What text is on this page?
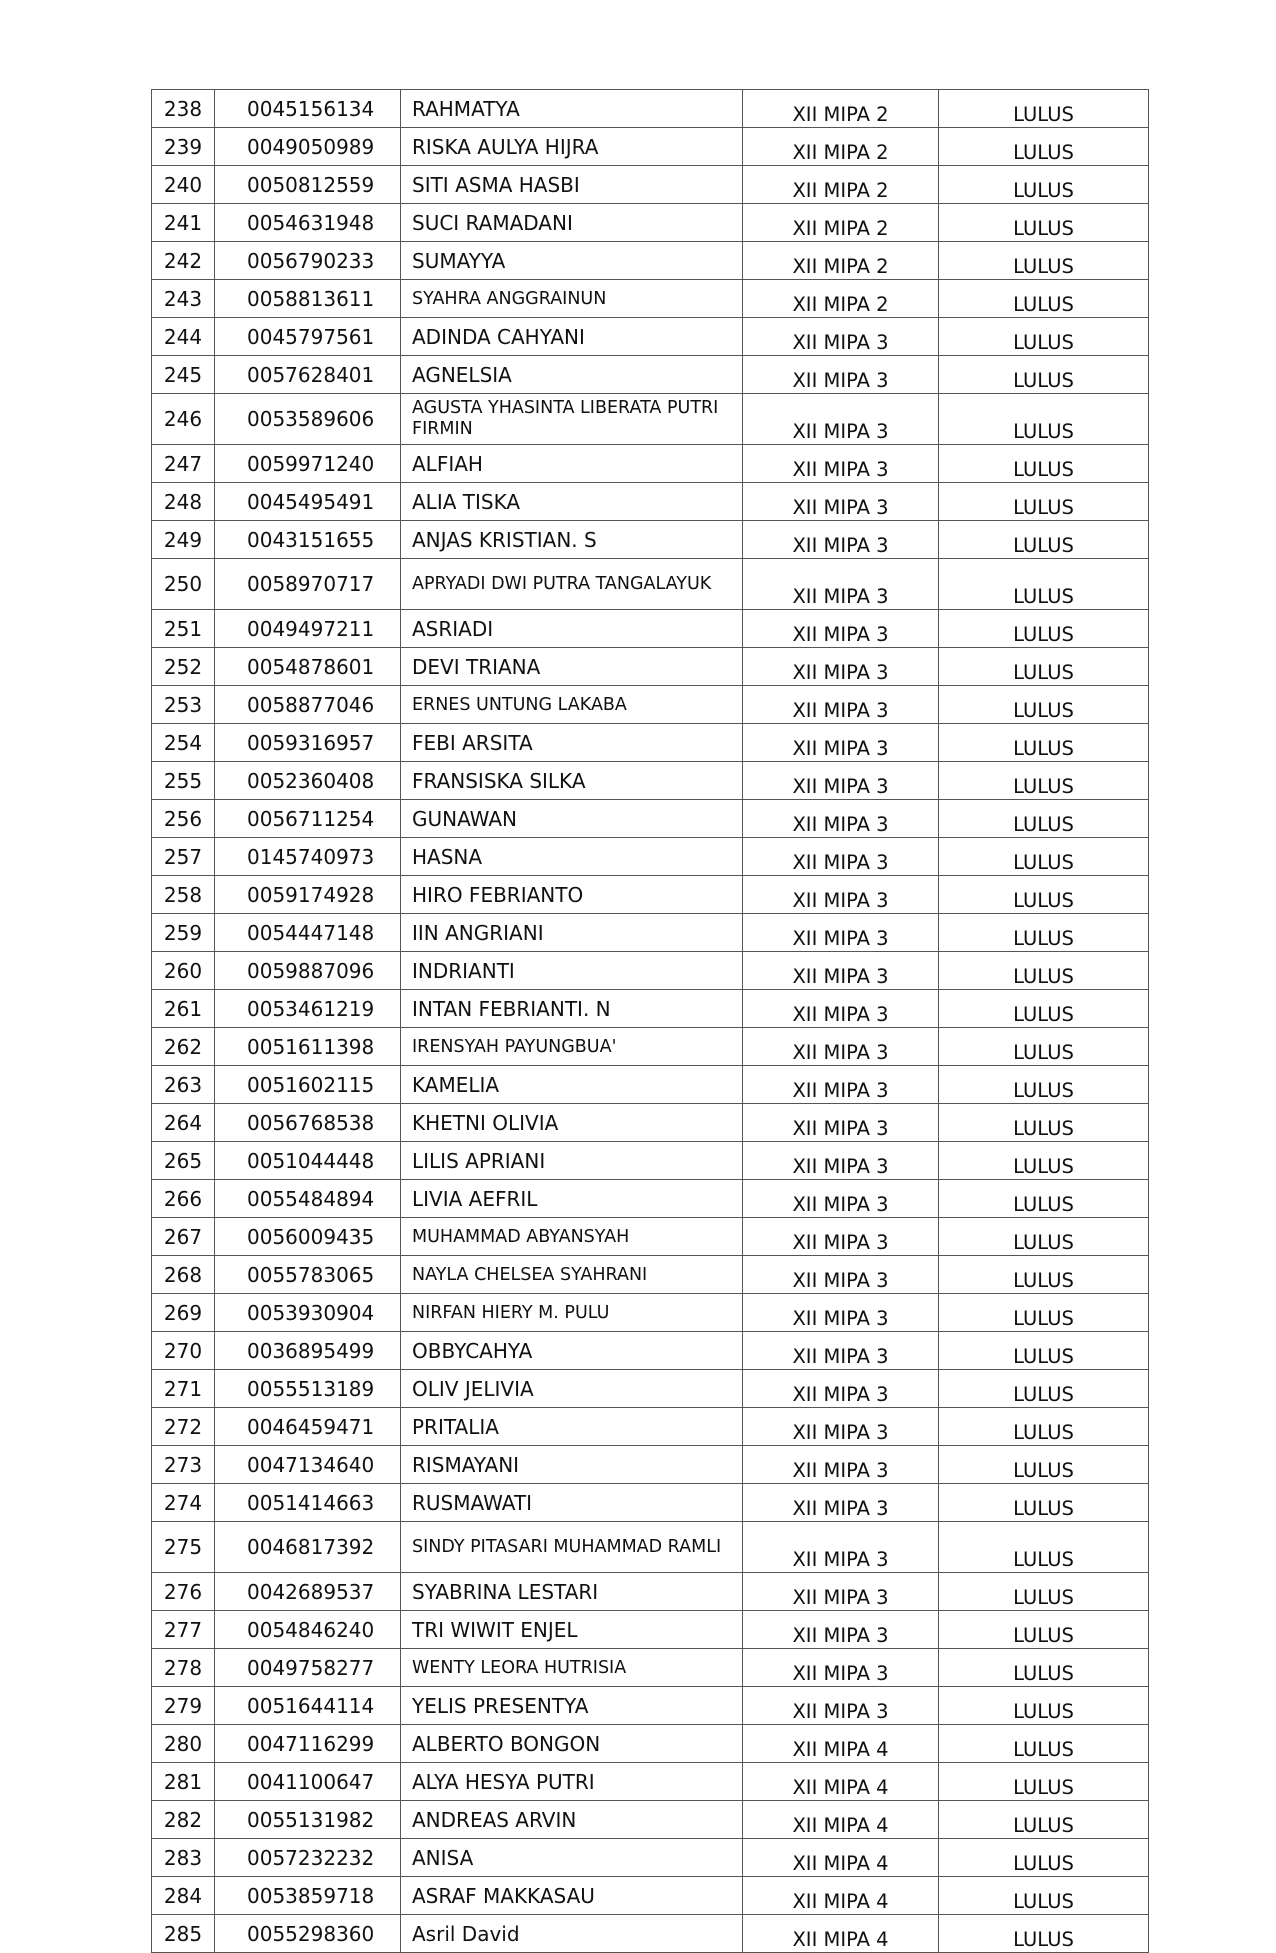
238	0045156134	RAHMATYA	XII MIPA 2	LULUS
239	0049050989	RISKA AULYA HIJRA	XII MIPA 2	LULUS
240	0050812559	SITI ASMA HASBI	XII MIPA 2	LULUS
241	0054631948	SUCI RAMADANI	XII MIPA 2	LULUS
242	0056790233	SUMAYYA	XII MIPA 2	LULUS
243	0058813611	SYAHRA ANGGRAINUN	XII MIPA 2	LULUS
244	0045797561	ADINDA CAHYANI	XII MIPA 3	LULUS
245	0057628401	AGNELSIA	XII MIPA 3	LULUS
246	0053589606	AGUSTA YHASINTA LIBERATA PUTRI FIRMIN	XII MIPA 3	LULUS
247	0059971240	ALFIAH	XII MIPA 3	LULUS
248	0045495491	ALIA TISKA	XII MIPA 3	LULUS
249	0043151655	ANJAS KRISTIAN. S	XII MIPA 3	LULUS
250	0058970717	APRYADI DWI PUTRA TANGALAYUK	XII MIPA 3	LULUS
251	0049497211	ASRIADI	XII MIPA 3	LULUS
252	0054878601	DEVI TRIANA	XII MIPA 3	LULUS
253	0058877046	ERNES UNTUNG LAKABA	XII MIPA 3	LULUS
254	0059316957	FEBI ARSITA	XII MIPA 3	LULUS
255	0052360408	FRANSISKA SILKA	XII MIPA 3	LULUS
256	0056711254	GUNAWAN	XII MIPA 3	LULUS
257	0145740973	HASNA	XII MIPA 3	LULUS
258	0059174928	HIRO FEBRIANTO	XII MIPA 3	LULUS
259	0054447148	IIN ANGRIANI	XII MIPA 3	LULUS
260	0059887096	INDRIANTI	XII MIPA 3	LULUS
261	0053461219	INTAN FEBRIANTI. N	XII MIPA 3	LULUS
262	0051611398	IRENSYAH PAYUNGBUA'	XII MIPA 3	LULUS
263	0051602115	KAMELIA	XII MIPA 3	LULUS
264	0056768538	KHETNI OLIVIA	XII MIPA 3	LULUS
265	0051044448	LILIS APRIANI	XII MIPA 3	LULUS
266	0055484894	LIVIA AEFRIL	XII MIPA 3	LULUS
267	0056009435	MUHAMMAD ABYANSYAH	XII MIPA 3	LULUS
268	0055783065	NAYLA CHELSEA SYAHRANI	XII MIPA 3	LULUS
269	0053930904	NIRFAN HIERY M. PULU	XII MIPA 3	LULUS
270	0036895499	OBBYCAHYA	XII MIPA 3	LULUS
271	0055513189	OLIV JELIVIA	XII MIPA 3	LULUS
272	0046459471	PRITALIA	XII MIPA 3	LULUS
273	0047134640	RISMAYANI	XII MIPA 3	LULUS
274	0051414663	RUSMAWATI	XII MIPA 3	LULUS
275	0046817392	SINDY PITASARI MUHAMMAD RAMLI	XII MIPA 3	LULUS
276	0042689537	SYABRINA LESTARI	XII MIPA 3	LULUS
277	0054846240	TRI WIWIT ENJEL	XII MIPA 3	LULUS
278	0049758277	WENTY LEORA HUTRISIA	XII MIPA 3	LULUS
279	0051644114	YELIS PRESENTYA	XII MIPA 3	LULUS
280	0047116299	ALBERTO BONGON	XII MIPA 4	LULUS
281	0041100647	ALYA HESYA PUTRI	XII MIPA 4	LULUS
282	0055131982	ANDREAS ARVIN	XII MIPA 4	LULUS
283	0057232232	ANISA	XII MIPA 4	LULUS
284	0053859718	ASRAF MAKKASAU	XII MIPA 4	LULUS
285	0055298360	Asril David	XII MIPA 4	LULUS
